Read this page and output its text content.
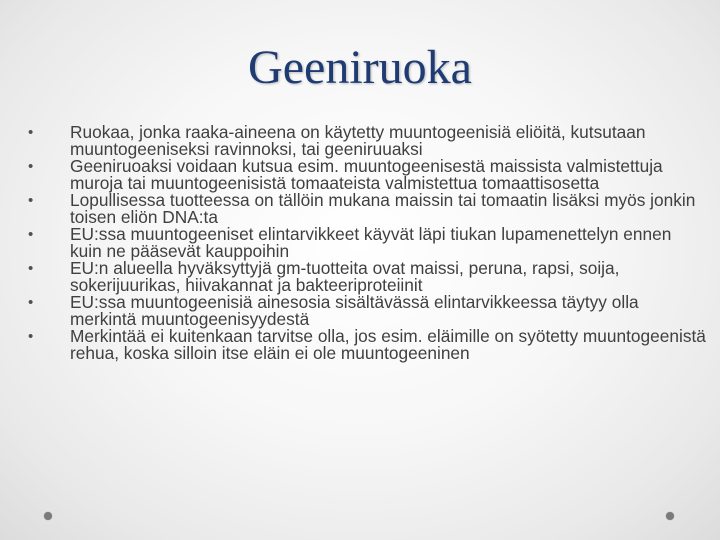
Geeniruoka
• Ruokaa, jonka raaka-aineena on käytetty muuntogeenisiä eliöitä, kutsutaan muuntogeeniseksi ravinnoksi, tai geeniruuaksi
• Geeniruoaksi voidaan kutsua esim. muuntogeenisestä maissista valmistettuja muroja tai muuntogeenisistä tomaateista valmistettua tomaattisosetta
• Lopullisessa tuotteessa on tällöin mukana maissin tai tomaatin lisäksi myös jonkin toisen eliön DNA:ta
• EU:ssa muuntogeeniset elintarvikkeet käyvät läpi tiukan lupamenettelyn ennen kuin ne pääsevät kauppoihin
• EU:n alueella hyväksyttyjä gm-tuotteita ovat maissi, peruna, rapsi, soija, sokerijuurikas, hiivakannat ja bakteeriproteiinit
• EU:ssa muuntogeenisiä ainesosia sisältävässä elintarvikkeessa täytyy olla merkintä muuntogeenisyydestä
• Merkintää ei kuitenkaan tarvitse olla, jos esim. eläimille on syötetty muuntogeenistä rehua, koska silloin itse eläin ei ole muuntogeeninen
